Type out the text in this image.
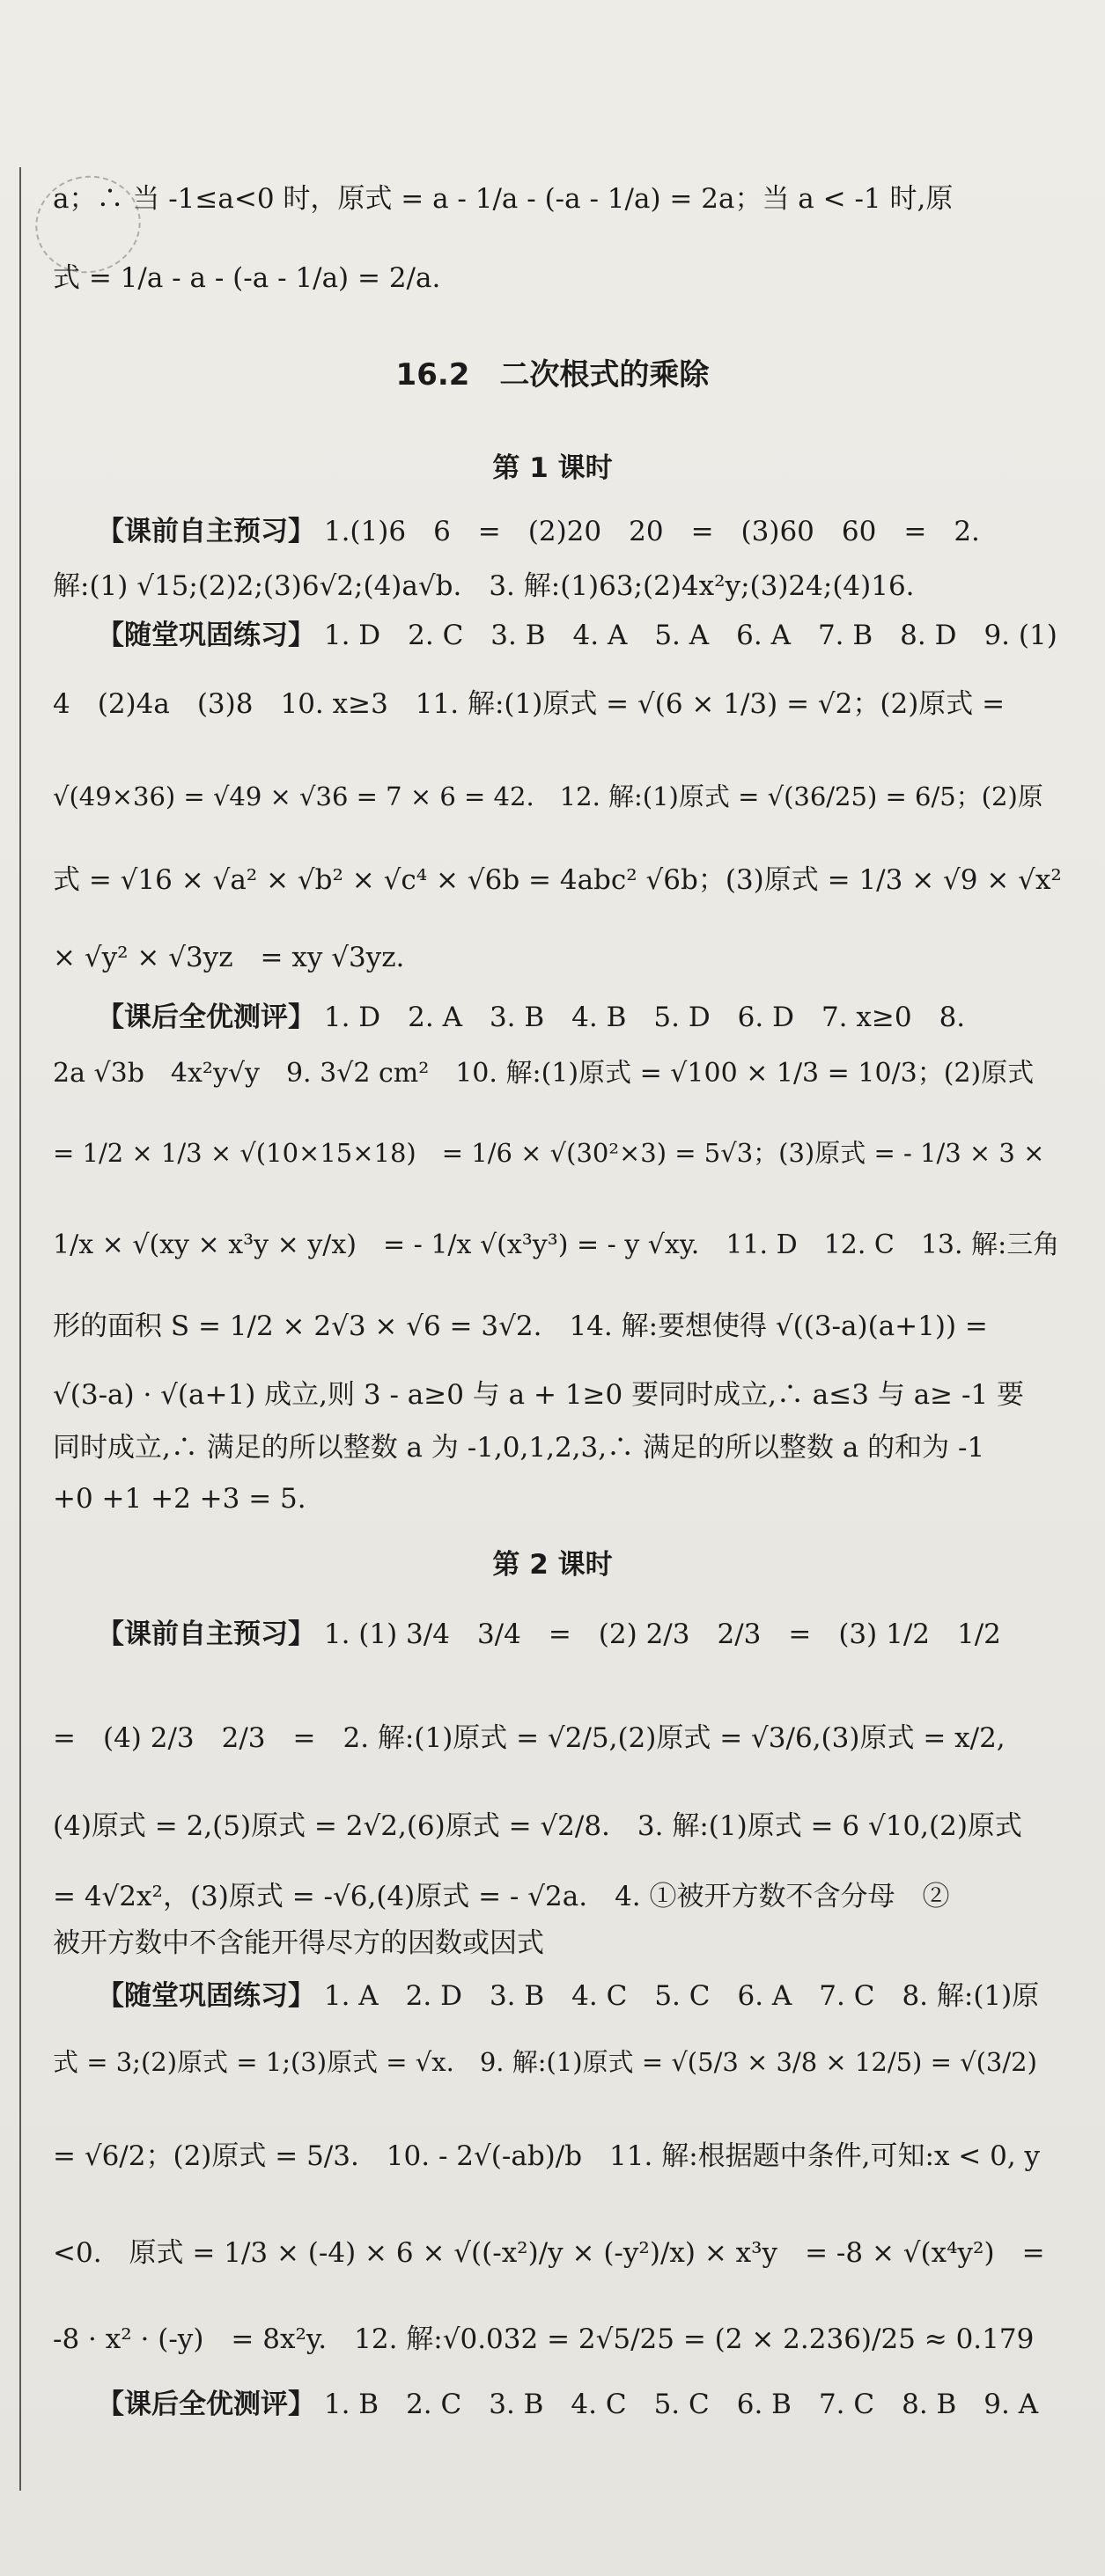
a；∴ 当 -1≤a<0 时，原式 = a - 1/a - (-a - 1/a) = 2a；当 a < -1 时,原
式 = 1/a - a - (-a - 1/a) = 2/a.
16.2　二次根式的乘除
第 1 课时
【课前自主预习】 1.(1)6　6　=　(2)20　20　=　(3)60　60　=　2.
解:(1) √15;(2)2;(3)6√2;(4)a√b.　3. 解:(1)63;(2)4x²y;(3)24;(4)16.
【随堂巩固练习】 1. D　2. C　3. B　4. A　5. A　6. A　7. B　8. D　9. (1)
4　(2)4a　(3)8　10. x≥3　11. 解:(1)原式 = √(6 × 1/3) = √2；(2)原式 =
√(49×36) = √49 × √36 = 7 × 6 = 42.　12. 解:(1)原式 = √(36/25) = 6/5；(2)原
式 = √16 × √a² × √b² × √c⁴ × √6b = 4abc² √6b；(3)原式 = 1/3 × √9 × √x²
× √y² × √3yz　= xy √3yz.
【课后全优测评】 1. D　2. A　3. B　4. B　5. D　6. D　7. x≥0　8.
2a √3b　4x²y√y　9. 3√2 cm²　10. 解:(1)原式 = √100 × 1/3 = 10/3；(2)原式
= 1/2 × 1/3 × √(10×15×18)　= 1/6 × √(30²×3) = 5√3；(3)原式 = - 1/3 × 3 ×
1/x × √(xy × x³y × y/x)　= - 1/x √(x³y³) = - y √xy.　11. D　12. C　13. 解:三角
形的面积 S = 1/2 × 2√3 × √6 = 3√2.　14. 解:要想使得 √((3-a)(a+1)) =
√(3-a) · √(a+1) 成立,则 3 - a≥0 与 a + 1≥0 要同时成立,∴ a≤3 与 a≥ -1 要
同时成立,∴ 满足的所以整数 a 为 -1,0,1,2,3,∴ 满足的所以整数 a 的和为 -1
+0 +1 +2 +3 = 5.
第 2 课时
【课前自主预习】 1. (1) 3/4　3/4　=　(2) 2/3　2/3　=　(3) 1/2　1/2
=　(4) 2/3　2/3　=　2. 解:(1)原式 = √2/5,(2)原式 = √3/6,(3)原式 = x/2,
(4)原式 = 2,(5)原式 = 2√2,(6)原式 = √2/8.　3. 解:(1)原式 = 6 √10,(2)原式
= 4√2x²，(3)原式 = -√6,(4)原式 = - √2a.　4. ①被开方数不含分母　②
被开方数中不含能开得尽方的因数或因式
【随堂巩固练习】 1. A　2. D　3. B　4. C　5. C　6. A　7. C　8. 解:(1)原
式 = 3;(2)原式 = 1;(3)原式 = √x.　9. 解:(1)原式 = √(5/3 × 3/8 × 12/5) = √(3/2)
= √6/2；(2)原式 = 5/3.　10. - 2√(-ab)/b　11. 解:根据题中条件,可知:x < 0, y
<0.　原式 = 1/3 × (-4) × 6 × √((-x²)/y × (-y²)/x) × x³y　= -8 × √(x⁴y²)　=
-8 · x² · (-y)　= 8x²y.　12. 解:√0.032 = 2√5/25 = (2 × 2.236)/25 ≈ 0.179
【课后全优测评】 1. B　2. C　3. B　4. C　5. C　6. B　7. C　8. B　9. A
